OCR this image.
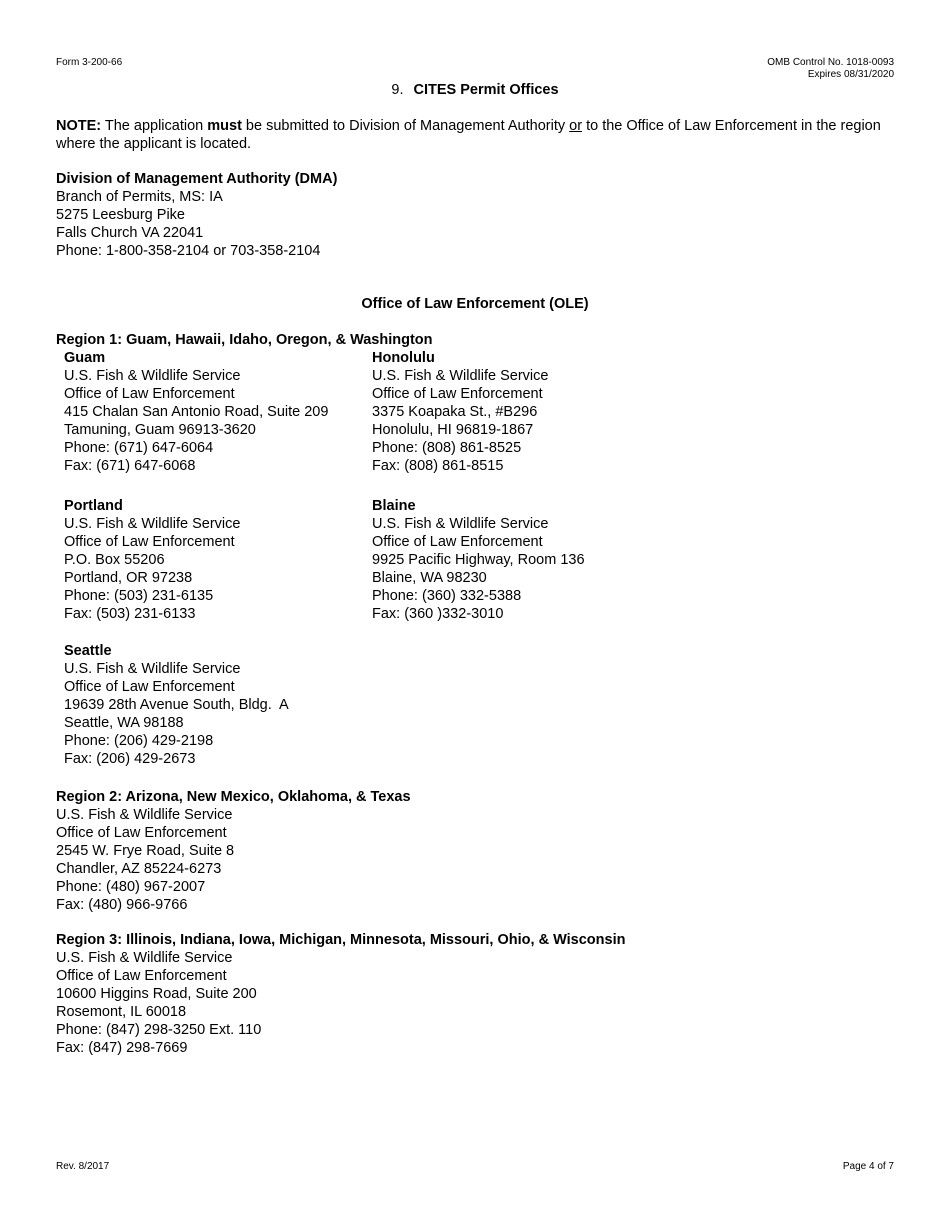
Form 3-200-66	OMB Control No. 1018-0093
Expires 08/31/2020
9. CITES Permit Offices
NOTE: The application must be submitted to Division of Management Authority or to the Office of Law Enforcement in the region where the applicant is located.
Division of Management Authority (DMA)
Branch of Permits, MS: IA
5275 Leesburg Pike
Falls Church VA 22041
Phone: 1-800-358-2104 or 703-358-2104
Office of Law Enforcement (OLE)
Region 1: Guam, Hawaii, Idaho, Oregon, & Washington
Guam
U.S. Fish & Wildlife Service
Office of Law Enforcement
415 Chalan San Antonio Road, Suite 209
Tamuning, Guam 96913-3620
Phone: (671) 647-6064
Fax: (671) 647-6068
Honolulu
U.S. Fish & Wildlife Service
Office of Law Enforcement
3375 Koapaka St., #B296
Honolulu, HI 96819-1867
Phone: (808) 861-8525
Fax: (808) 861-8515
Portland
U.S. Fish & Wildlife Service
Office of Law Enforcement
P.O. Box 55206
Portland, OR 97238
Phone: (503) 231-6135
Fax: (503) 231-6133
Blaine
U.S. Fish & Wildlife Service
Office of Law Enforcement
9925 Pacific Highway, Room 136
Blaine, WA 98230
Phone: (360) 332-5388
Fax: (360 )332-3010
Seattle
U.S. Fish & Wildlife Service
Office of Law Enforcement
19639 28th Avenue South, Bldg.  A
Seattle, WA 98188
Phone: (206) 429-2198
Fax: (206) 429-2673
Region 2: Arizona, New Mexico, Oklahoma, & Texas
U.S. Fish & Wildlife Service
Office of Law Enforcement
2545 W. Frye Road, Suite 8
Chandler, AZ 85224-6273
Phone: (480) 967-2007
Fax: (480) 966-9766
Region 3: Illinois, Indiana, Iowa, Michigan, Minnesota, Missouri, Ohio, & Wisconsin
U.S. Fish & Wildlife Service
Office of Law Enforcement
10600 Higgins Road, Suite 200
Rosemont, IL 60018
Phone: (847) 298-3250 Ext. 110
Fax: (847) 298-7669
Rev. 8/2017	Page 4 of 7
